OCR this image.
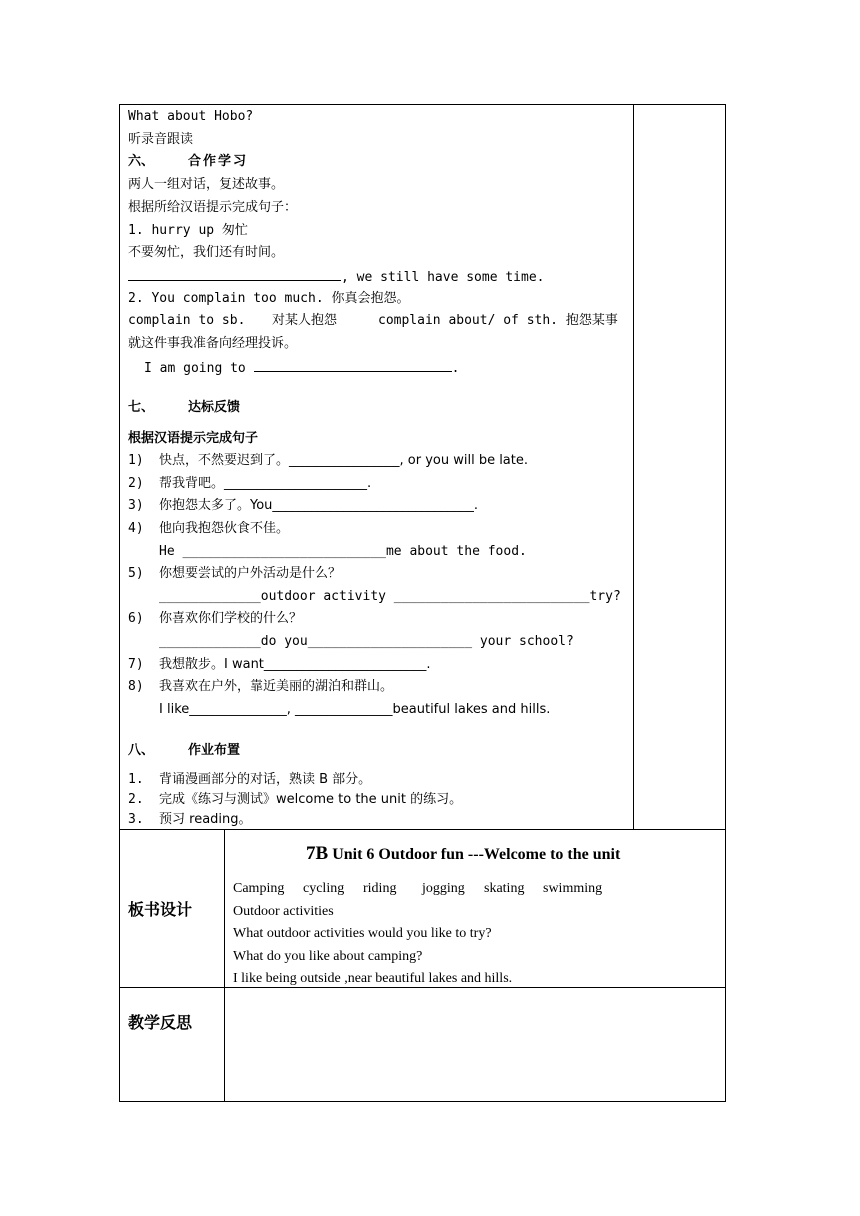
What about Hobo?
听录音跟读
六、	合作学习
两人一组对话，复述故事。
根据所给汉语提示完成句子：
1. hurry up 匆忙
不要匆忙，我们还有时间。
, we still have some time.
2. You complain too much. 你真会抱怨。
complain to sb. 对某人抱怨	complain about/ of sth. 抱怨某事
就这件事我准备向经理投诉。
I am going to	.
七、	达标反馈
根据汉语提示完成句子
1) 快点，不然要迟到了。_________________, or you will be late.
2) 帮我背吧。______________________.
3) 你抱怨太多了。You_______________________________.
4) 他向我抱怨伙食不佳。
He __________________________me about the food.
5) 你想要尝试的户外活动是什么？
_____________outdoor activity _________________________try?
6) 你喜欢你们学校的什么？
_____________do you_____________________ your school?
7) 我想散步。I want_________________________.
8) 我喜欢在户外，靠近美丽的湖泊和群山。
I like_______________, _______________beautiful lakes and hills.
八、	作业布置
1. 背诵漫画部分的对话，熟读 B 部分。
2. 完成《练习与测试》welcome to the unit 的练习。
3. 预习 reading。
板书设计
7B Unit 6 Outdoor fun ---Welcome to the unit
Camping cycling riding jogging skating swimming
Outdoor activities
What outdoor activities would you like to try?
What do you like about camping?
I like being outside ,near beautiful lakes and hills.
教学反思
